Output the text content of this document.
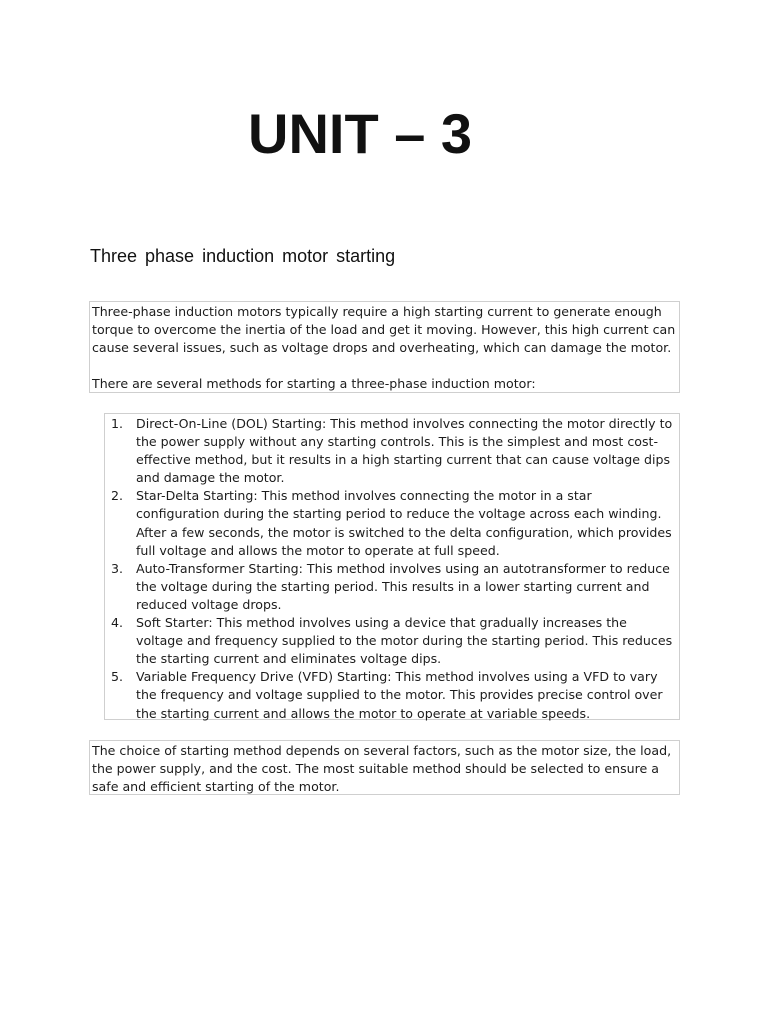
UNIT – 3
Three phase induction motor starting

Three-phase induction motors typically require a high starting current to generate enough torque to overcome the inertia of the load and get it moving. However, this high current can cause several issues, such as voltage drops and overheating, which can damage the motor.

There are several methods for starting a three-phase induction motor:

1. Direct-On-Line (DOL) Starting: This method involves connecting the motor directly to the power supply without any starting controls. This is the simplest and most cost-effective method, but it results in a high starting current that can cause voltage dips and damage the motor.
2. Star-Delta Starting: This method involves connecting the motor in a star configuration during the starting period to reduce the voltage across each winding. After a few seconds, the motor is switched to the delta configuration, which provides full voltage and allows the motor to operate at full speed.
3. Auto-Transformer Starting: This method involves using an autotransformer to reduce the voltage during the starting period. This results in a lower starting current and reduced voltage drops.
4. Soft Starter: This method involves using a device that gradually increases the voltage and frequency supplied to the motor during the starting period. This reduces the starting current and eliminates voltage dips.
5. Variable Frequency Drive (VFD) Starting: This method involves using a VFD to vary the frequency and voltage supplied to the motor. This provides precise control over the starting current and allows the motor to operate at variable speeds.

The choice of starting method depends on several factors, such as the motor size, the load, the power supply, and the cost. The most suitable method should be selected to ensure a safe and efficient starting of the motor.
